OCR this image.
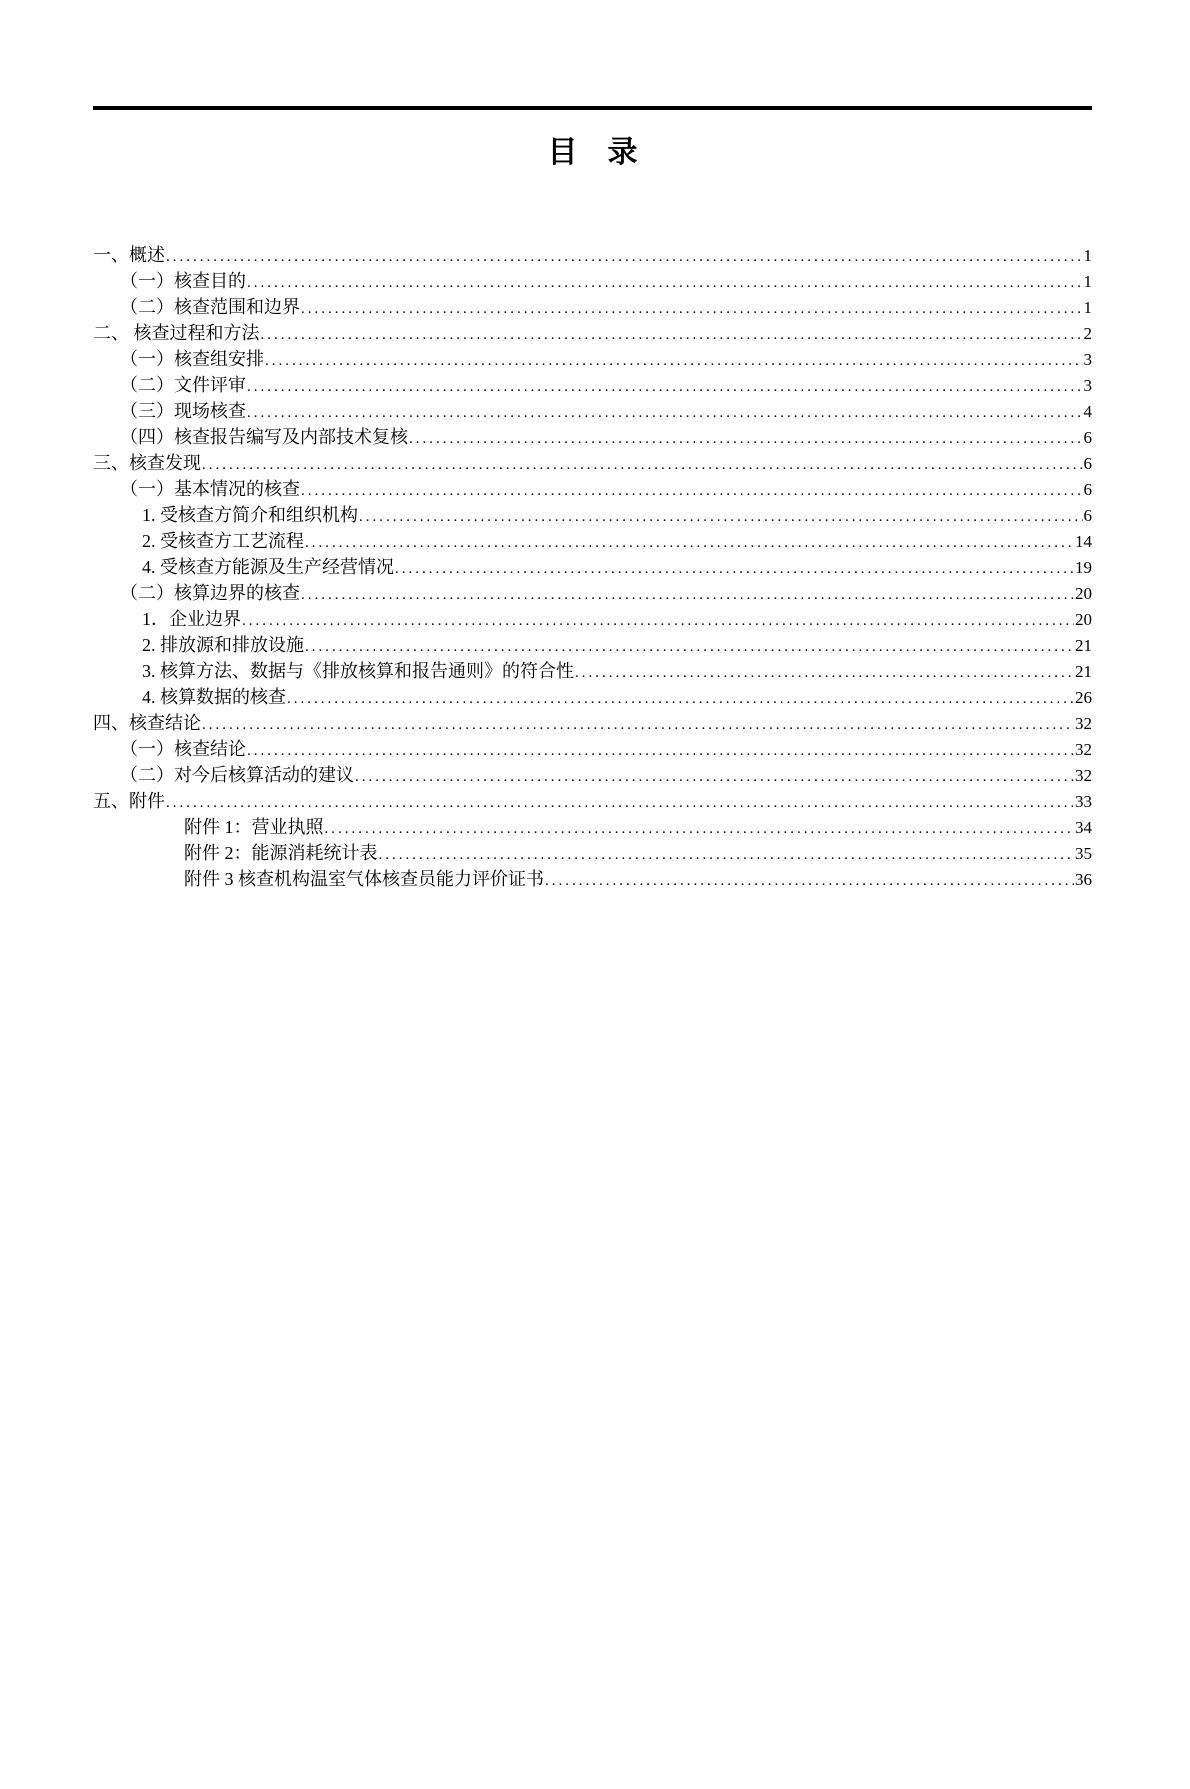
目　录
一、概述 .....	1
（一）核查目的 .....	1
（二）核查范围和边界 .....	1
二、 核查过程和方法 .....	2
（一）核查组安排 .....	3
（二）文件评审 .....	3
（三）现场核查 .....	4
（四）核查报告编写及内部技术复核 .....	6
三、核查发现 .....	6
（一）基本情况的核查 .....	6
1. 受核查方简介和组织机构 .....	6
2. 受核查方工艺流程 .....	14
4. 受核查方能源及生产经营情况 .....	19
（二）核算边界的核查 .....	20
1．企业边界 .....	20
2. 排放源和排放设施 .....	21
3. 核算方法、数据与《排放核算和报告通则》的符合性 .....	21
4. 核算数据的核查 .....	26
四、核查结论 .....	32
（一）核查结论 .....	32
（二）对今后核算活动的建议 .....	32
五、附件 .....	33
附件 1：营业执照 .....	34
附件 2：能源消耗统计表 .....	35
附件 3 核查机构温室气体核查员能力评价证书 .....	36
